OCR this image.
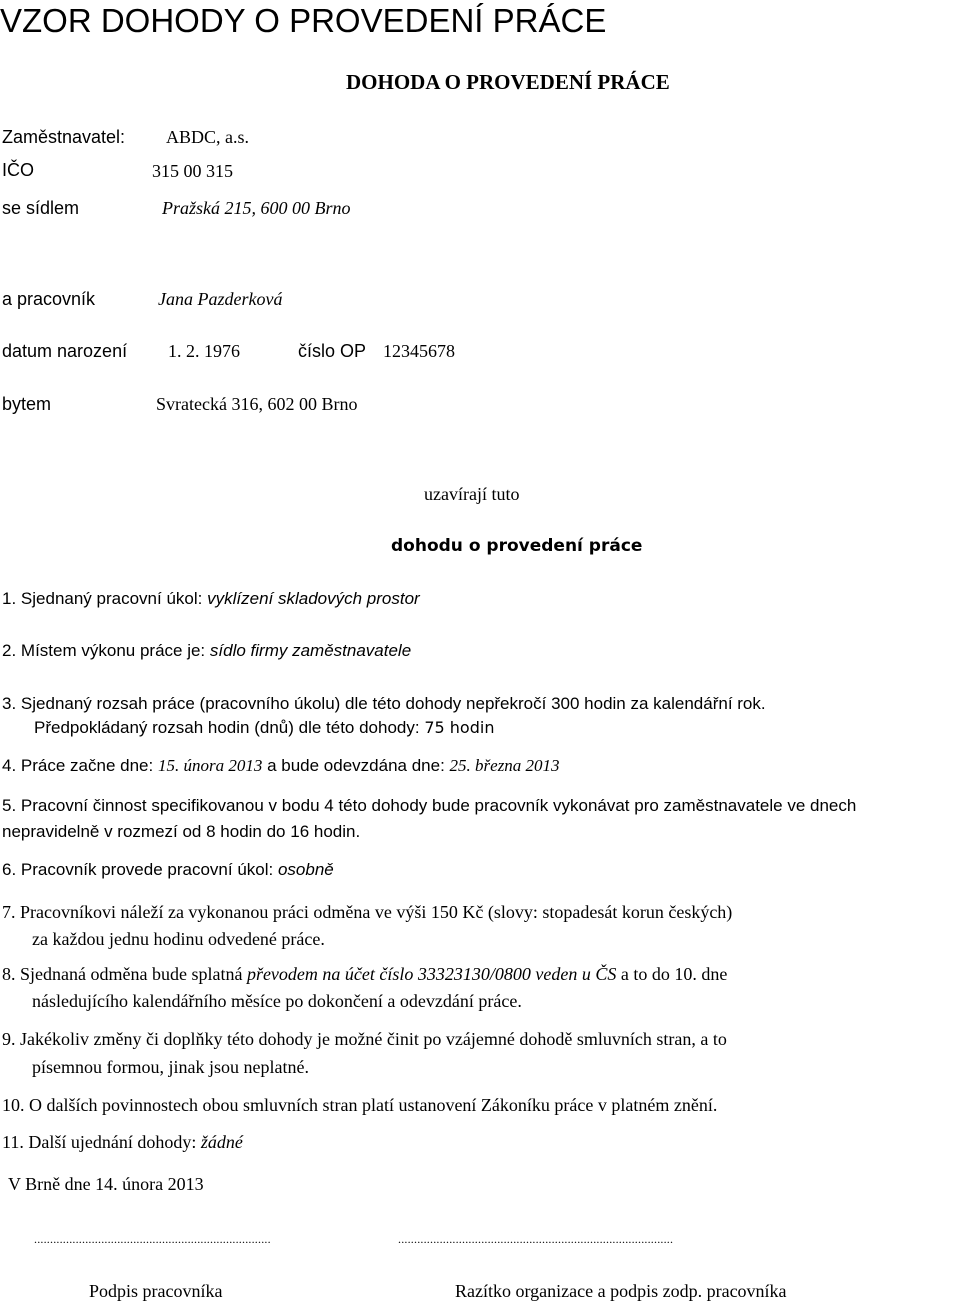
VZOR DOHODY O PROVEDENÍ PRÁCE
DOHODA O PROVEDENÍ PRÁCE
Zaměstnavatel: ABDC, a.s.
IČO	315 00 315
se sídlem	Pražská 215, 600 00 Brno
a pracovník	Jana Pazderková
datum narození 1. 2. 1976	číslo OP 12345678
bytem	Svratecká 316, 602 00 Brno
uzavírají tuto
dohodu o provedení práce
1. Sjednaný pracovní úkol: vyklízení skladových prostor
2. Místem výkonu práce je: sídlo firmy zaměstnavatele
3. Sjednaný rozsah práce (pracovního úkolu) dle této dohody nepřekročí 300 hodin za kalendářní rok.
Předpokládaný rozsah hodin (dnů) dle této dohody: 75 hodin
4. Práce začne dne: 15. února 2013 a bude odevzdána dne: 25. března 2013
5. Pracovní činnost specifikovanou v bodu 4 této dohody bude pracovník vykonávat pro zaměstnavatele ve dnech
nepravidelně v rozmezí od 8 hodin do 16 hodin.
6. Pracovník provede pracovní úkol: osobně
7. Pracovníkovi náleží za vykonanou práci odměna ve výši 150 Kč (slovy: stopadesát korun českých)
za každou jednu hodinu odvedené práce.
8. Sjednaná odměna bude splatná převodem na účet číslo 33323130/0800 veden u ČS a to do 10. dne
následujícího kalendářního měsíce po dokončení a odevzdání práce.
9. Jakékoliv změny či doplňky této dohody je možné činit po vzájemné dohodě smluvních stran, a to
písemnou formou, jinak jsou neplatné.
10. O dalších povinnostech obou smluvních stran platí ustanovení Zákoníku práce v platném znění.
11. Další ujednání dohody: žádné
V Brně dne 14. února 2013
..........................................................................	......................................................................................
Podpis pracovníka	Razítko organizace a podpis zodp. pracovníka
